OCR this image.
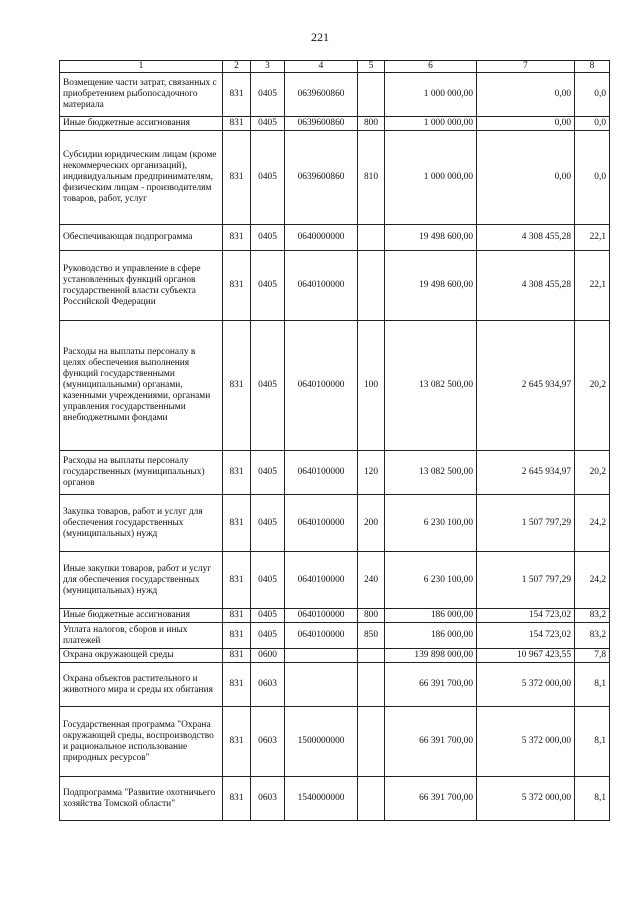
221
1	2	3	4	5	6	7	8
Возмещение части затрат, связанных с приобретением рыбопосадочного материала	831	0405	0639600860		1 000 000,00	0,00	0,0
Иные бюджетные ассигнования	831	0405	0639600860	800	1 000 000,00	0,00	0,0
Субсидии юридическим лицам (кроме некоммерческих организаций), индивидуальным предпринимателям, физическим лицам - производителям товаров, работ, услуг	831	0405	0639600860	810	1 000 000,00	0,00	0,0
Обеспечивающая подпрограмма	831	0405	0640000000		19 498 600,00	4 308 455,28	22,1
Руководство и управление в сфере установленных функций органов государственной власти субъекта Российской Федерации	831	0405	0640100000		19 498 600,00	4 308 455,28	22,1
Расходы на выплаты персоналу в целях обеспечения выполнения функций государственными (муниципальными) органами, казенными учреждениями, органами управления государственными внебюджетными фондами	831	0405	0640100000	100	13 082 500,00	2 645 934,97	20,2
Расходы на выплаты персоналу государственных (муниципальных) органов	831	0405	0640100000	120	13 082 500,00	2 645 934,97	20,2
Закупка товаров, работ и услуг для обеспечения государственных (муниципальных) нужд	831	0405	0640100000	200	6 230 100,00	1 507 797,29	24,2
Иные закупки товаров, работ и услуг для обеспечения государственных (муниципальных) нужд	831	0405	0640100000	240	6 230 100,00	1 507 797,29	24,2
Иные бюджетные ассигнования	831	0405	0640100000	800	186 000,00	154 723,02	83,2
Уплата налогов, сборов и иных платежей	831	0405	0640100000	850	186 000,00	154 723,02	83,2
Охрана окружающей среды	831	0600			139 898 000,00	10 967 423,55	7,8
Охрана объектов растительного и животного мира и среды их обитания	831	0603			66 391 700,00	5 372 000,00	8,1
Государственная программа "Охрана окружающей среды, воспроизводство и рациональное использование природных ресурсов"	831	0603	1500000000		66 391 700,00	5 372 000,00	8,1
Подпрограмма "Развитие охотничьего хозяйства Томской области"	831	0603	1540000000		66 391 700,00	5 372 000,00	8,1
